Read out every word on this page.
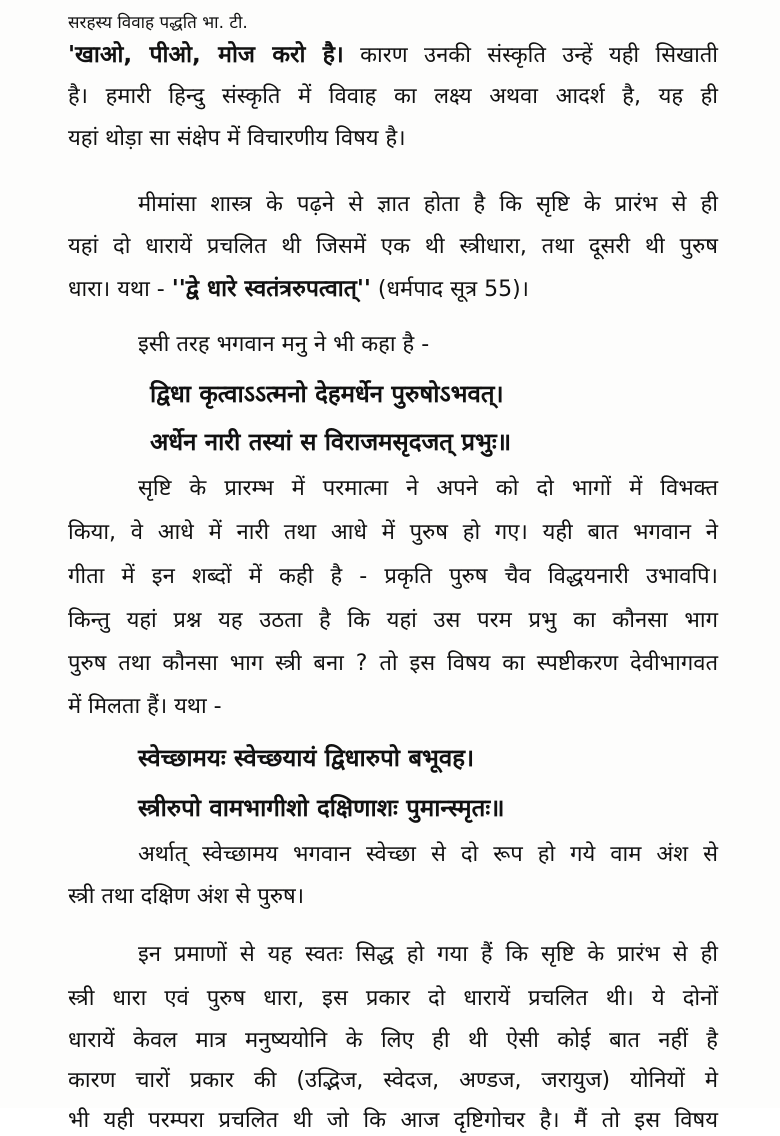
सरहस्य विवाह पद्धति भा. टी.
'खाओ, पीओ, मोज करो है। कारण उनकी संस्कृति उन्हें यही सिखाती
है। हमारी हिन्दु संस्कृति में विवाह का लक्ष्य अथवा आदर्श है, यह ही
यहां थोड़ा सा संक्षेप में विचारणीय विषय है।
मीमांसा शास्त्र के पढ़ने से ज्ञात होता है कि सृष्टि के प्रारंभ से ही
यहां दो धारायें प्रचलित थी जिसमें एक थी स्त्रीधारा, तथा दूसरी थी पुरुष
धारा। यथा - ''द्वे धारे स्वतंत्ररुपत्वात्'' (धर्मपाद सूत्र 55)।
इसी तरह भगवान मनु ने भी कहा है -
द्विधा कृत्वाऽऽत्मनो देहमर्धेन पुरुषोऽभवत्।
अर्धेन नारी तस्यां स विराजमसृदजत् प्रभुः॥
सृष्टि के प्रारम्भ में परमात्मा ने अपने को दो भागों में विभक्त
किया, वे आधे में नारी तथा आधे में पुरुष हो गए। यही बात भगवान ने
गीता में इन शब्दों में कही है - प्रकृति पुरुष चैव विद्धयनारी उभावपि।
किन्तु यहां प्रश्न यह उठता है कि यहां उस परम प्रभु का कौनसा भाग
पुरुष तथा कौनसा भाग स्त्री बना ? तो इस विषय का स्पष्टीकरण देवीभागवत
में मिलता हैं। यथा -
स्वेच्छामयः स्वेच्छयायं द्विधारुपो बभूवह।
स्त्रीरुपो वामभागीशो दक्षिणाशः पुमान्स्मृतः॥
अर्थात् स्वेच्छामय भगवान स्वेच्छा से दो रूप हो गये वाम अंश से
स्त्री तथा दक्षिण अंश से पुरुष।
इन प्रमाणों से यह स्वतः सिद्ध हो गया हैं कि सृष्टि के प्रारंभ से ही
स्त्री धारा एवं पुरुष धारा, इस प्रकार दो धारायें प्रचलित थी। ये दोनों
धारायें केवल मात्र मनुष्ययोनि के लिए ही थी ऐसी कोई बात नहीं है
कारण चारों प्रकार की (उद्भिज, स्वेदज, अण्डज, जरायुज) योनियों मे
भी यही परम्परा प्रचलित थी जो कि आज दृष्टिगोचर है। मैं तो इस विषय
